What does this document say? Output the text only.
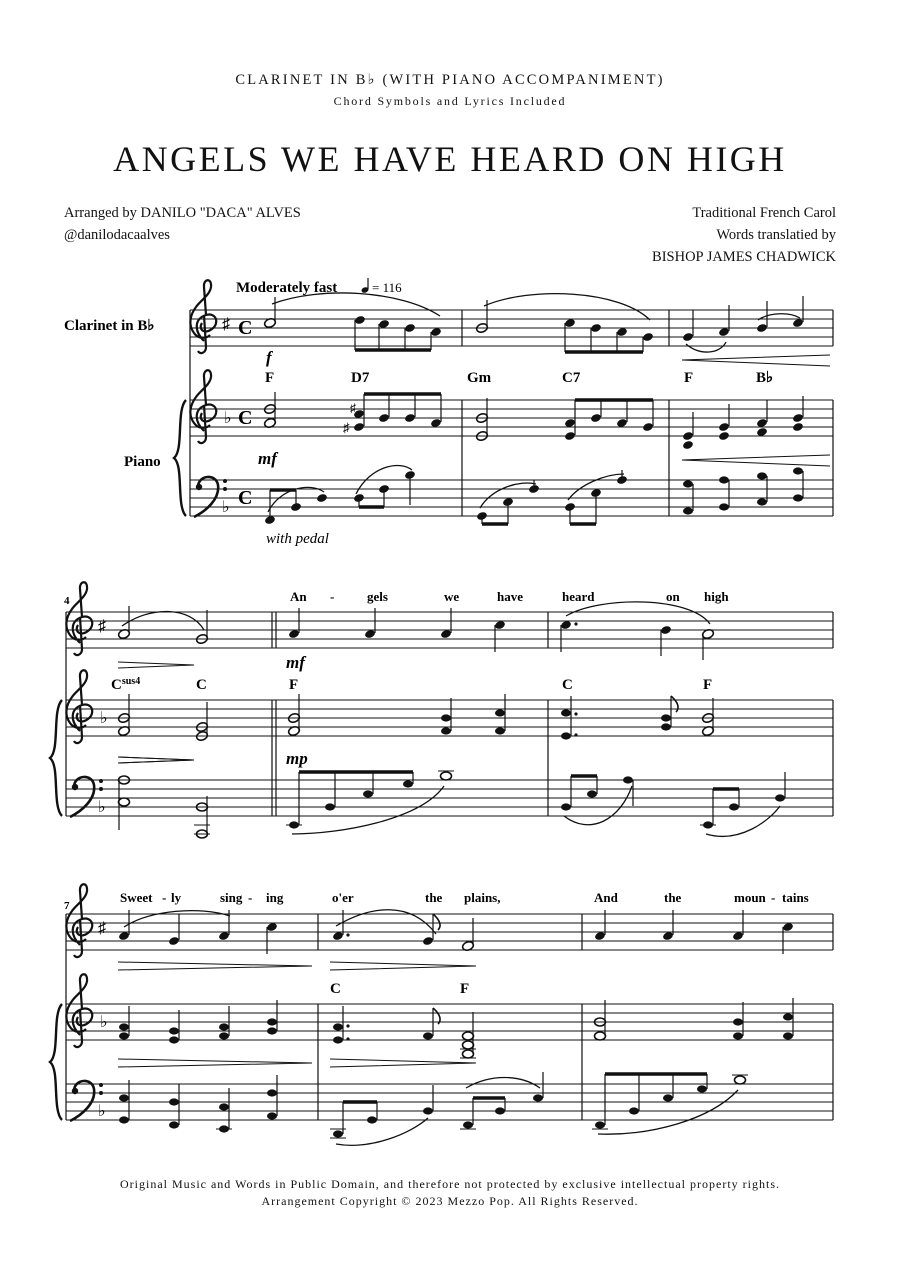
CLARINET IN B♭ (WITH PIANO ACCOMPANIMENT)
Chord Symbols and Lyrics Included
ANGELS WE HAVE HEARD ON HIGH
Arranged by DANILO "DACA" ALVES
@danilodacaalves
Traditional French Carol
Words translatied by
BISHOP JAMES CHADWICK
Moderately fast	= 116
Clarinet in B♭
Piano
♯
♭
♭
C
C
C
f
F	D7	Gm	C7	F	B♭
♯
♯
mf
with pedal
4	An -	gels	we	have	heard	on high
♯
♭
♭
mf
$C^{sus4}$	C	F	C	F
mp
7
Sweet - ly	sing - ing	o'er	the plains,	And	the	moun - tains
♯
♭
♭
C	F
Original Music and Words in Public Domain, and therefore not protected by exclusive intellectual property rights.
Arrangement Copyright © 2023 Mezzo Pop. All Rights Reserved.
